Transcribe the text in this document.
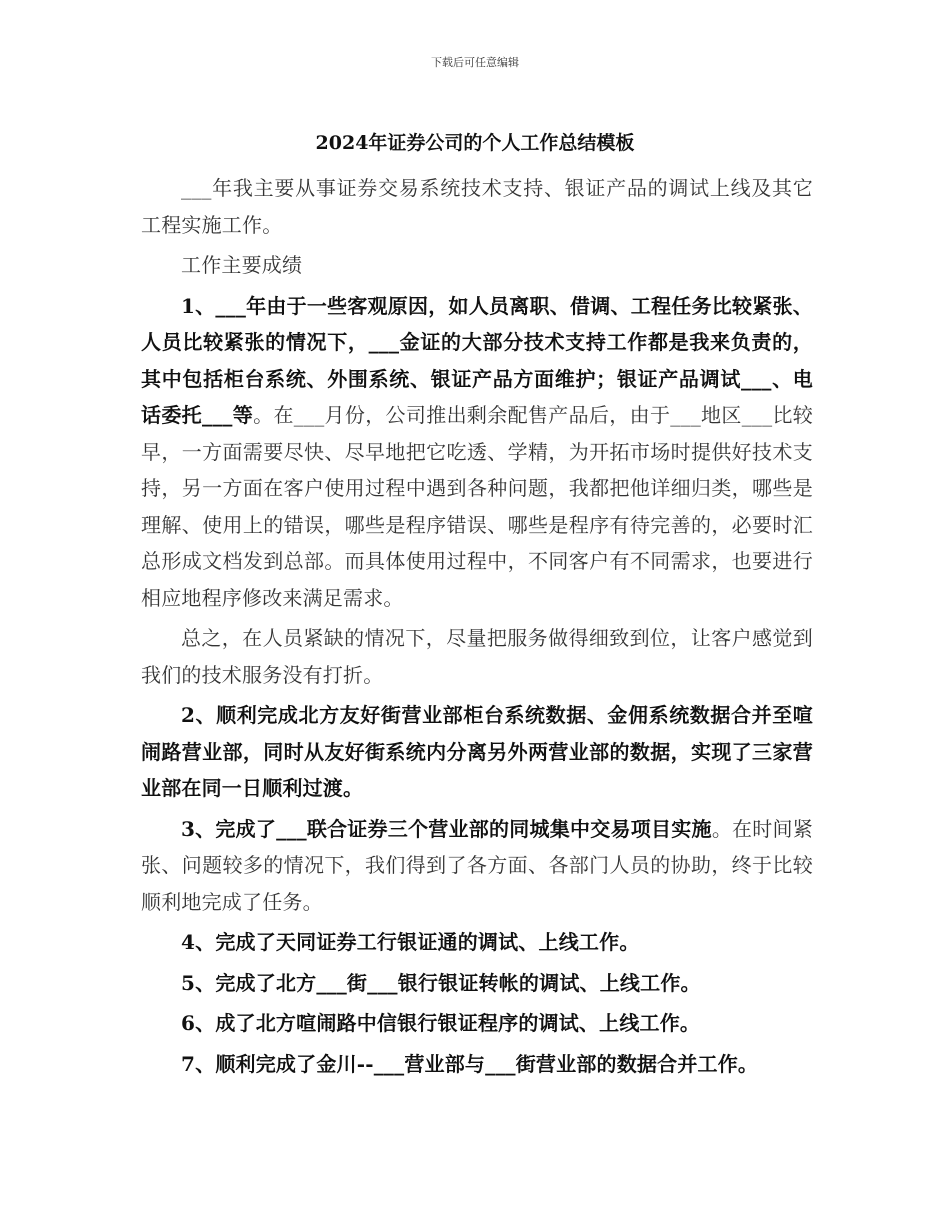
下载后可任意编辑
2024年证券公司的个人工作总结模板

___年我主要从事证券交易系统技术支持、银证产品的调试上线及其它工程实施工作。

工作主要成绩

1、___年由于一些客观原因，如人员离职、借调、工程任务比较紧张、人员比较紧张的情况下，___金证的大部分技术支持工作都是我来负责的，其中包括柜台系统、外围系统、银证产品方面维护；银证产品调试___、电话委托___等。在___月份，公司推出剩余配售产品后，由于___地区___比较早，一方面需要尽快、尽早地把它吃透、学精，为开拓市场时提供好技术支持，另一方面在客户使用过程中遇到各种问题，我都把他详细归类，哪些是理解、使用上的错误，哪些是程序错误、哪些是程序有待完善的，必要时汇总形成文档发到总部。而具体使用过程中，不同客户有不同需求，也要进行相应地程序修改来满足需求。

总之，在人员紧缺的情况下，尽量把服务做得细致到位，让客户感觉到我们的技术服务没有打折。

2、顺利完成北方友好街营业部柜台系统数据、金佣系统数据合并至喧闹路营业部，同时从友好街系统内分离另外两营业部的数据，实现了三家营业部在同一日顺利过渡。

3、完成了___联合证券三个营业部的同城集中交易项目实施。在时间紧张、问题较多的情况下，我们得到了各方面、各部门人员的协助，终于比较顺利地完成了任务。

4、完成了天同证券工行银证通的调试、上线工作。

5、完成了北方___街___银行银证转帐的调试、上线工作。

6、成了北方喧闹路中信银行银证程序的调试、上线工作。

7、顺利完成了金川--___营业部与___街营业部的数据合并工作。
